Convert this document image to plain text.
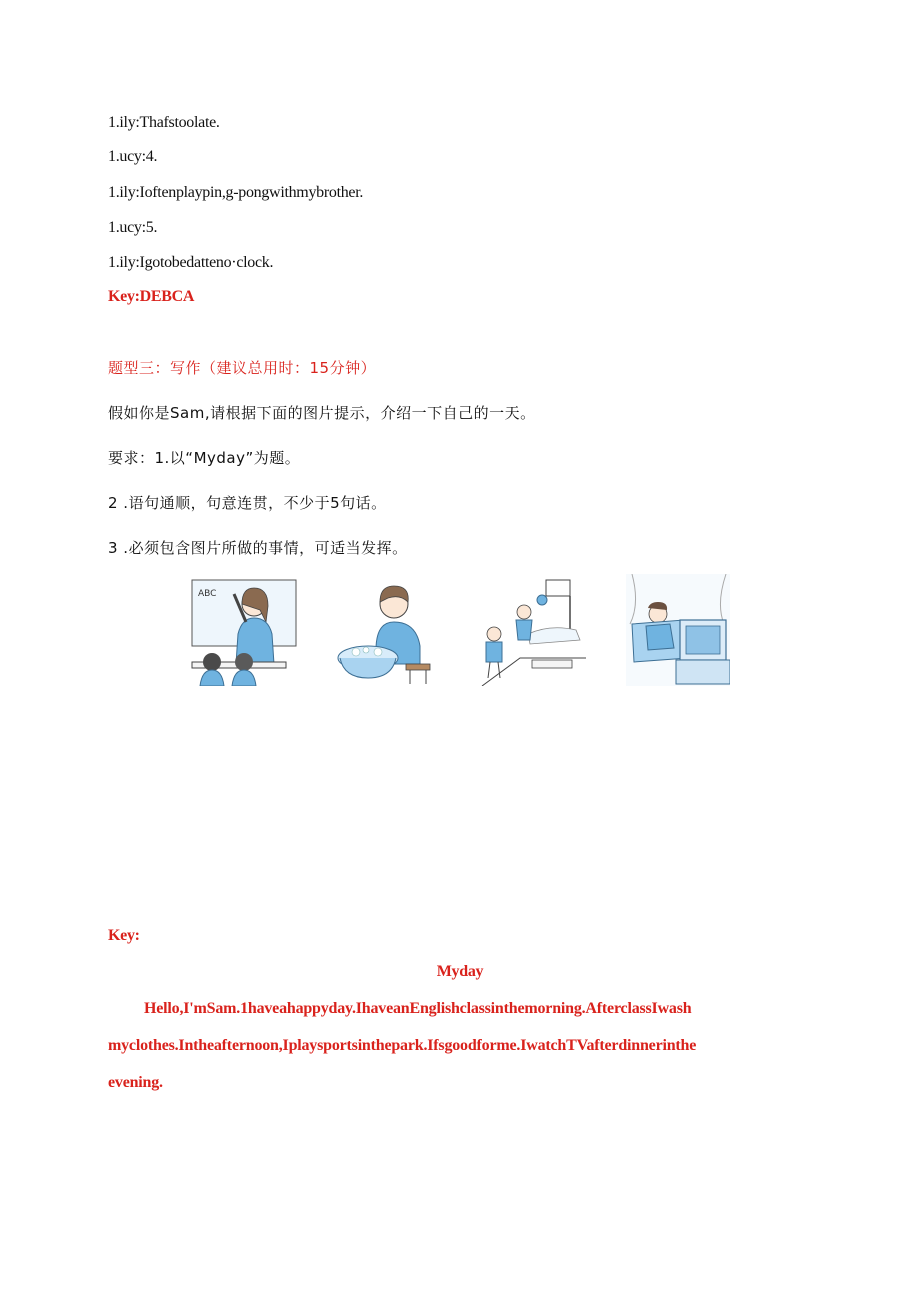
1.ily:Thafstoolate.
1.ucy:4.
1.ily:Ioftenplaypin,g-pongwithmybrother.
1.ucy:5.
1.ily:Igotobedatteno·clock.
Key:DEBCA
题型三：写作（建议总用时：15分钟）
假如你是Sam,请根据下面的图片提示，介绍一下自己的一天。
要求：1.以“Myday”为题。
2 .语句通顺，句意连贯，不少于5句话。
3 .必须包含图片所做的事情，可适当发挥。
ABC
Key:
Myday
Hello,I'mSam.1haveahappyday.IhaveanEnglishclassinthemorning.AfterclassIwash
myclothes.Intheafternoon,Iplaysportsinthepark.Ifsgoodforme.IwatchTVafterdinnerinthe
evening.
